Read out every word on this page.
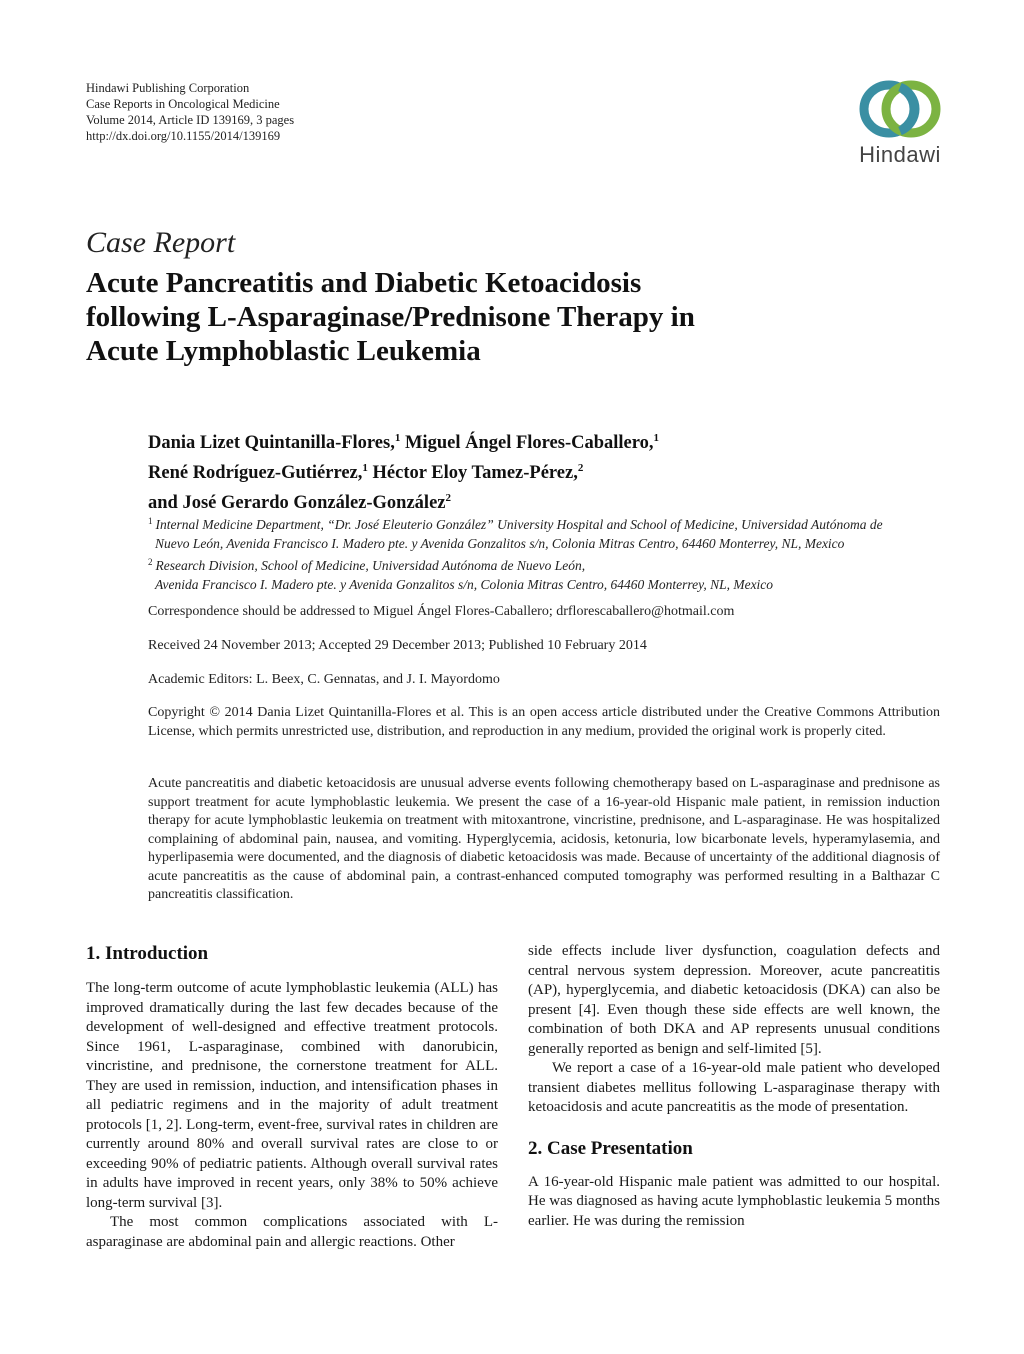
Hindawi Publishing Corporation
Case Reports in Oncological Medicine
Volume 2014, Article ID 139169, 3 pages
http://dx.doi.org/10.1155/2014/139169
Hindawi
Case Report
Acute Pancreatitis and Diabetic Ketoacidosis
following L-Asparaginase/Prednisone Therapy in
Acute Lymphoblastic Leukemia
Dania Lizet Quintanilla-Flores,$^1$ Miguel Ángel Flores-Caballero,$^1$
René Rodríguez-Gutiérrez,$^1$ Héctor Eloy Tamez-Pérez,$^2$
and José Gerardo González-González$^2$
$^1$ Internal Medicine Department, “Dr. José Eleuterio González” University Hospital and School of Medicine, Universidad Autónoma de
Nuevo León, Avenida Francisco I. Madero pte. y Avenida Gonzalitos s/n, Colonia Mitras Centro, 64460 Monterrey, NL, Mexico
$^2$ Research Division, School of Medicine, Universidad Autónoma de Nuevo León,
Avenida Francisco I. Madero pte. y Avenida Gonzalitos s/n, Colonia Mitras Centro, 64460 Monterrey, NL, Mexico
Correspondence should be addressed to Miguel Ángel Flores-Caballero; drflorescaballero@hotmail.com
Received 24 November 2013; Accepted 29 December 2013; Published 10 February 2014
Academic Editors: L. Beex, C. Gennatas, and J. I. Mayordomo
Copyright © 2014 Dania Lizet Quintanilla-Flores et al. This is an open access article distributed under the Creative Commons Attribution License, which permits unrestricted use, distribution, and reproduction in any medium, provided the original work is properly cited.
Acute pancreatitis and diabetic ketoacidosis are unusual adverse events following chemotherapy based on L-asparaginase and prednisone as support treatment for acute lymphoblastic leukemia. We present the case of a 16-year-old Hispanic male patient, in remission induction therapy for acute lymphoblastic leukemia on treatment with mitoxantrone, vincristine, prednisone, and L-asparaginase. He was hospitalized complaining of abdominal pain, nausea, and vomiting. Hyperglycemia, acidosis, ketonuria, low bicarbonate levels, hyperamylasemia, and hyperlipasemia were documented, and the diagnosis of diabetic ketoacidosis was made. Because of uncertainty of the additional diagnosis of acute pancreatitis as the cause of abdominal pain, a contrast-enhanced computed tomography was performed resulting in a Balthazar C pancreatitis classification.
1. Introduction

The long-term outcome of acute lymphoblastic leukemia (ALL) has improved dramatically during the last few decades because of the development of well-designed and effective treatment protocols. Since 1961, L-asparaginase, combined with danorubicin, vincristine, and prednisone, the cornerstone treatment for ALL. They are used in remission, induction, and intensification phases in all pediatric regimens and in the majority of adult treatment protocols [1, 2]. Long-term, event-free, survival rates in children are currently around 80% and overall survival rates are close to or exceeding 90% of pediatric patients. Although overall survival rates in adults have improved in recent years, only 38% to 50% achieve long-term survival [3].

The most common complications associated with L-asparaginase are abdominal pain and allergic reactions. Other

side effects include liver dysfunction, coagulation defects and central nervous system depression. Moreover, acute pancreatitis (AP), hyperglycemia, and diabetic ketoacidosis (DKA) can also be present [4]. Even though these side effects are well known, the combination of both DKA and AP represents unusual conditions generally reported as benign and self-limited [5].

We report a case of a 16-year-old male patient who developed transient diabetes mellitus following L-asparaginase therapy with ketoacidosis and acute pancreatitis as the mode of presentation.

2. Case Presentation

A 16-year-old Hispanic male patient was admitted to our hospital. He was diagnosed as having acute lymphoblastic leukemia 5 months earlier. He was during the remission
